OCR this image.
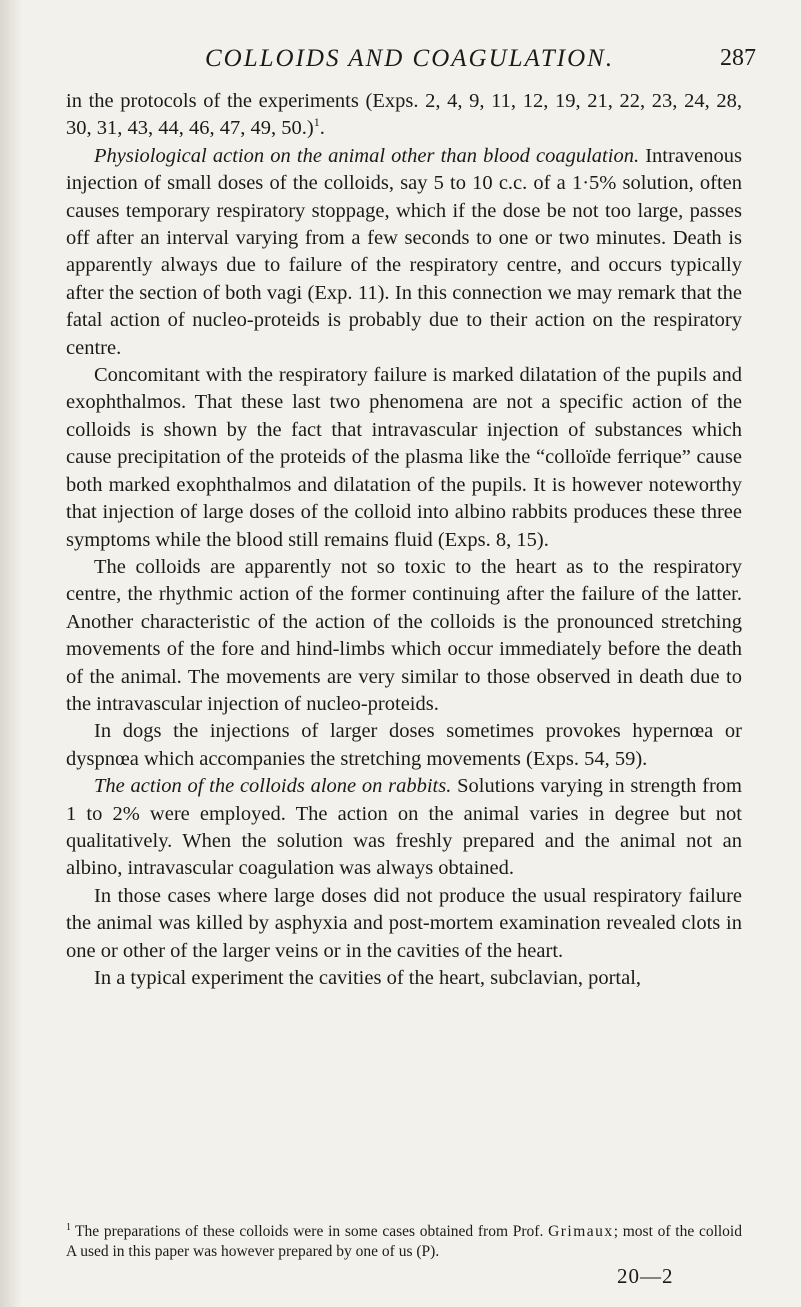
COLLOIDS AND COAGULATION.	287

in the protocols of the experiments (Exps. 2, 4, 9, 11, 12, 19, 21, 22, 23, 24, 28, 30, 31, 43, 44, 46, 47, 49, 50.)$^1$.

Physiological action on the animal other than blood coagulation. Intravenous injection of small doses of the colloids, say 5 to 10 c.c. of a 1·5% solution, often causes temporary respiratory stoppage, which if the dose be not too large, passes off after an interval varying from a few seconds to one or two minutes. Death is apparently always due to failure of the respiratory centre, and occurs typically after the section of both vagi (Exp. 11). In this connection we may remark that the fatal action of nucleo-proteids is probably due to their action on the respiratory centre.

Concomitant with the respiratory failure is marked dilatation of the pupils and exophthalmos. That these last two phenomena are not a specific action of the colloids is shown by the fact that intravascular injection of substances which cause precipitation of the proteids of the plasma like the “colloïde ferrique” cause both marked exophthalmos and dilatation of the pupils. It is however noteworthy that injection of large doses of the colloid into albino rabbits produces these three symptoms while the blood still remains fluid (Exps. 8, 15).

The colloids are apparently not so toxic to the heart as to the respiratory centre, the rhythmic action of the former continuing after the failure of the latter. Another characteristic of the action of the colloids is the pronounced stretching movements of the fore and hind-limbs which occur immediately before the death of the animal. The movements are very similar to those observed in death due to the intravascular injection of nucleo-proteids.

In dogs the injections of larger doses sometimes provokes hypernœa or dyspnœa which accompanies the stretching movements (Exps. 54, 59).

The action of the colloids alone on rabbits. Solutions varying in strength from 1 to 2% were employed. The action on the animal varies in degree but not qualitatively. When the solution was freshly prepared and the animal not an albino, intravascular coagulation was always obtained.

In those cases where large doses did not produce the usual respiratory failure the animal was killed by asphyxia and post-mortem examination revealed clots in one or other of the larger veins or in the cavities of the heart.

In a typical experiment the cavities of the heart, subclavian, portal,

$^1$ The preparations of these colloids were in some cases obtained from Prof. Grimaux; most of the colloid A used in this paper was however prepared by one of us (P).
20—2
